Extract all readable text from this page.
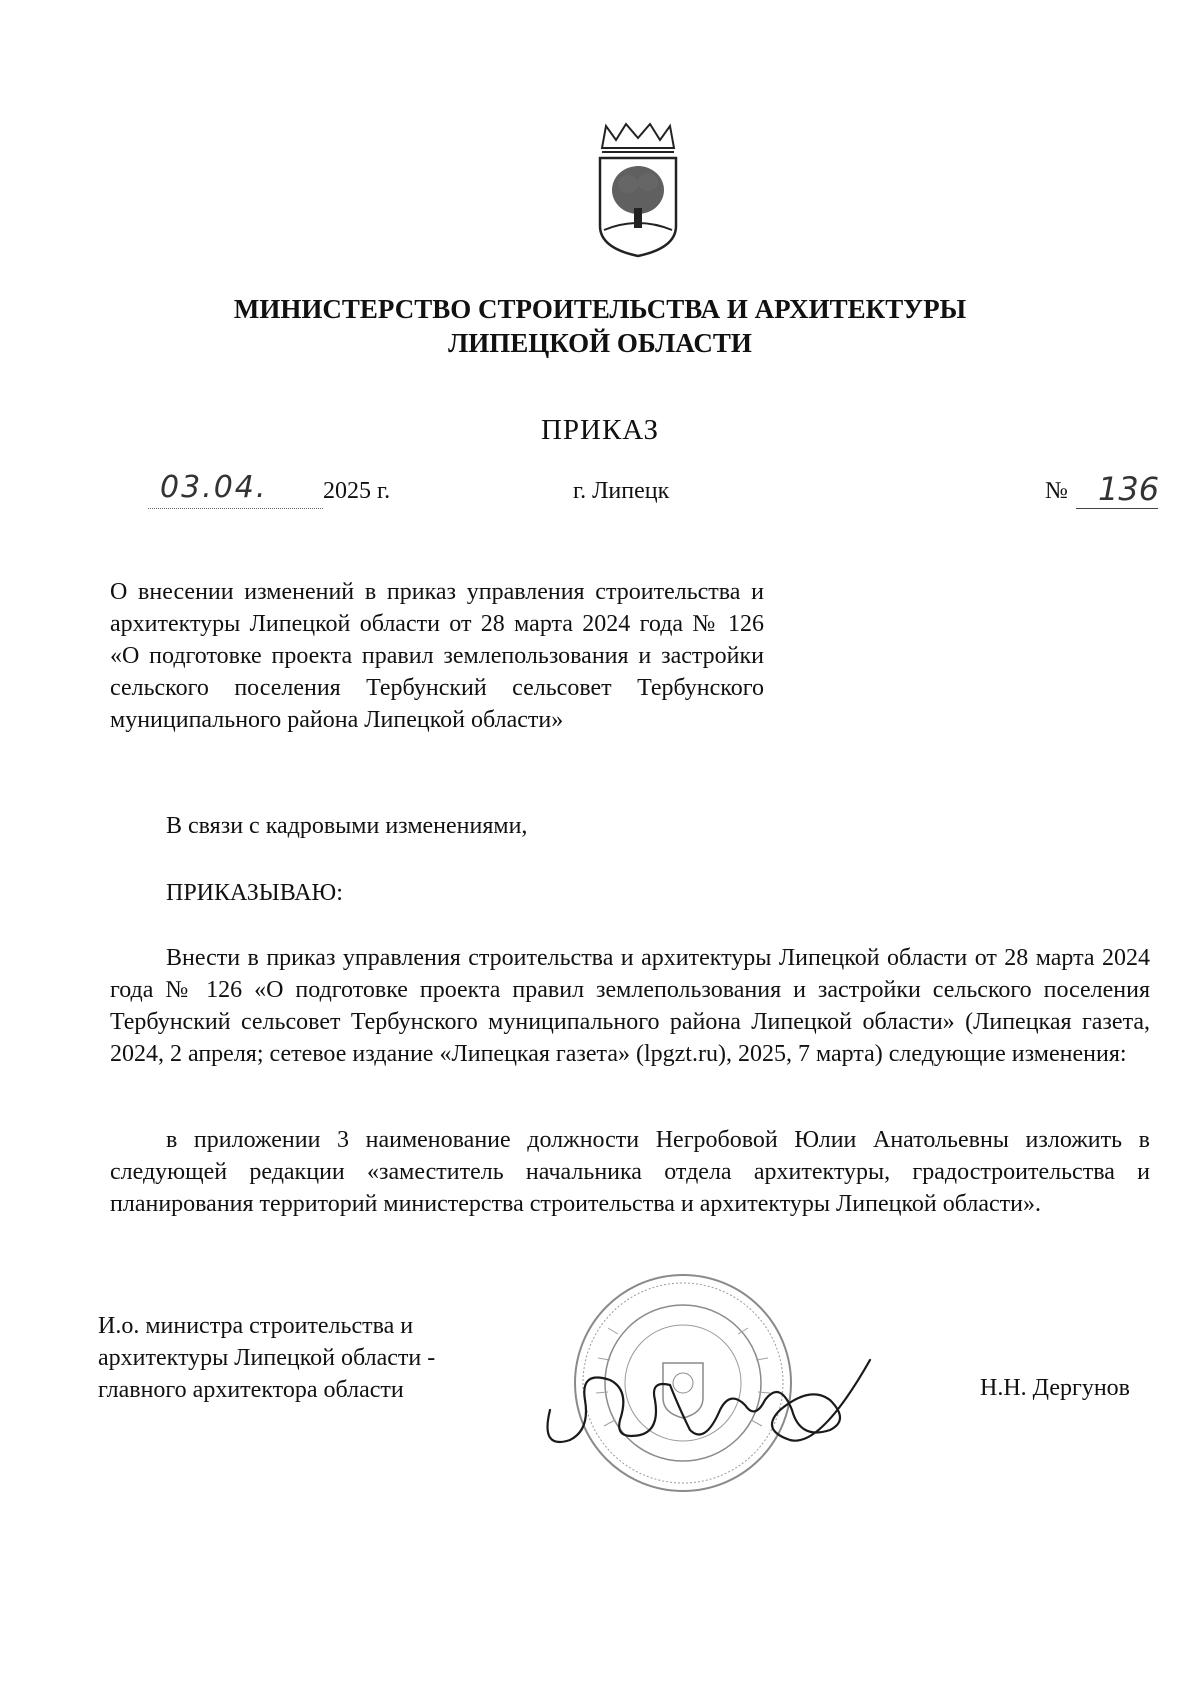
МИНИСТЕРСТВО СТРОИТЕЛЬСТВА И АРХИТЕКТУРЫ
ЛИПЕЦКОЙ ОБЛАСТИ
ПРИКАЗ
03.04. 2025 г.	г. Липецк	№ 136
О внесении изменений в приказ управления строительства и архитектуры Липецкой области от 28 марта 2024 года № 126 «О подготовке проекта правил землепользования и застройки сельского поселения Тербунский сельсовет Тербунского муниципального района Липецкой области»
В связи с кадровыми изменениями,
ПРИКАЗЫВАЮ:
Внести в приказ управления строительства и архитектуры Липецкой области от 28 марта 2024 года № 126 «О подготовке проекта правил землепользования и застройки сельского поселения Тербунский сельсовет Тербунского муниципального района Липецкой области» (Липецкая газета, 2024, 2 апреля; сетевое издание «Липецкая газета» (lpgzt.ru), 2025, 7 марта) следующие изменения:
в приложении 3 наименование должности Негробовой Юлии Анатольевны изложить в следующей редакции «заместитель начальника отдела архитектуры, градостроительства и планирования территорий министерства строительства и архитектуры Липецкой области».
И.о. министра строительства и
архитектуры Липецкой области -
главного архитектора области	Н.Н. Дергунов
